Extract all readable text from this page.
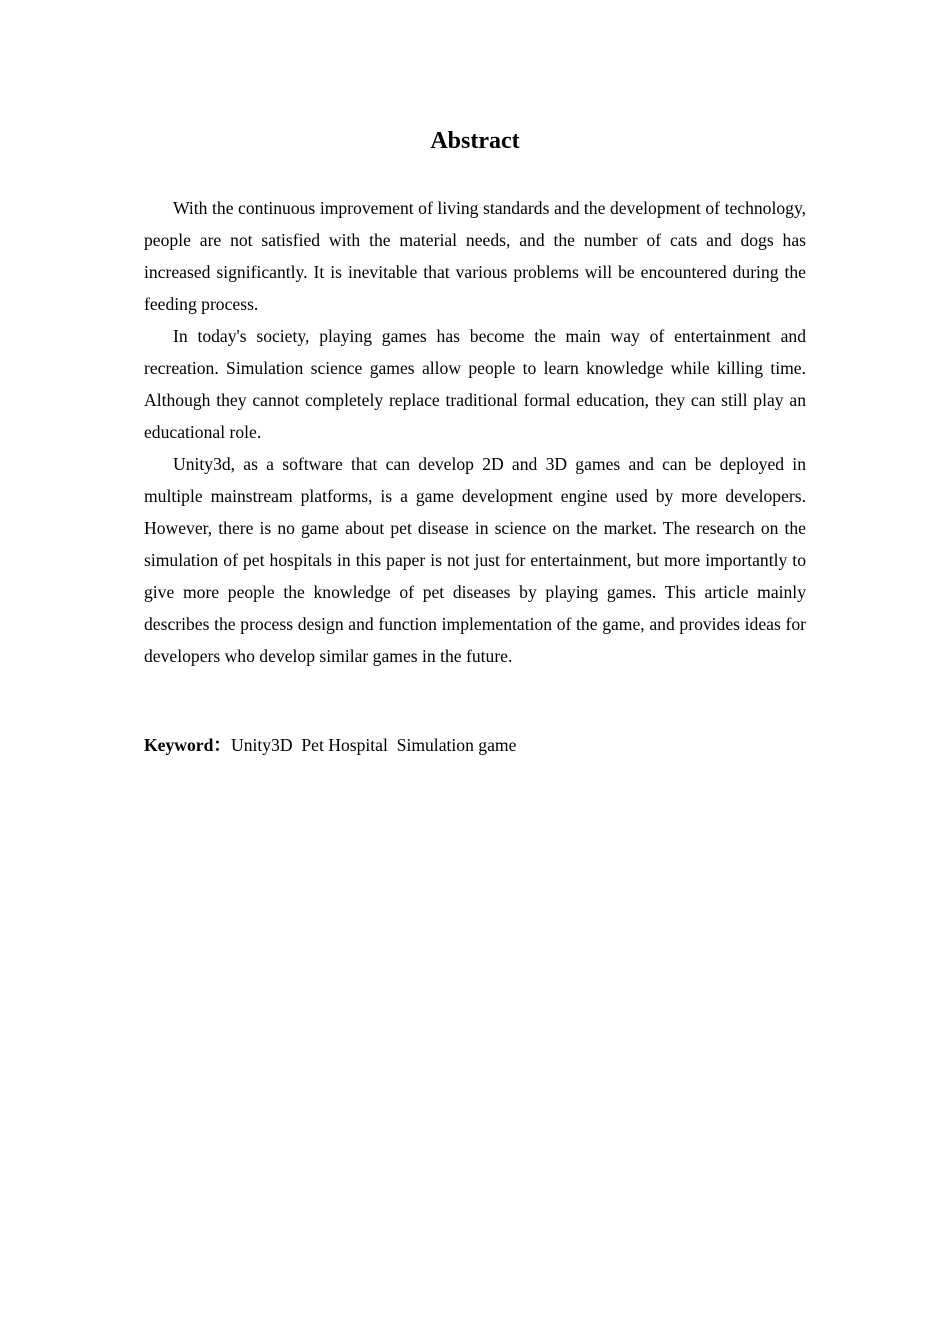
Abstract

With the continuous improvement of living standards and the development of technology, people are not satisfied with the material needs, and the number of cats and dogs has increased significantly. It is inevitable that various problems will be encountered during the feeding process.

In today's society, playing games has become the main way of entertainment and recreation. Simulation science games allow people to learn knowledge while killing time. Although they cannot completely replace traditional formal education, they can still play an educational role.

Unity3d, as a software that can develop 2D and 3D games and can be deployed in multiple mainstream platforms, is a game development engine used by more developers. However, there is no game about pet disease in science on the market. The research on the simulation of pet hospitals in this paper is not just for entertainment, but more importantly to give more people the knowledge of pet diseases by playing games. This article mainly describes the process design and function implementation of the game, and provides ideas for developers who develop similar games in the future.

Keyword：Unity3D  Pet Hospital  Simulation game
